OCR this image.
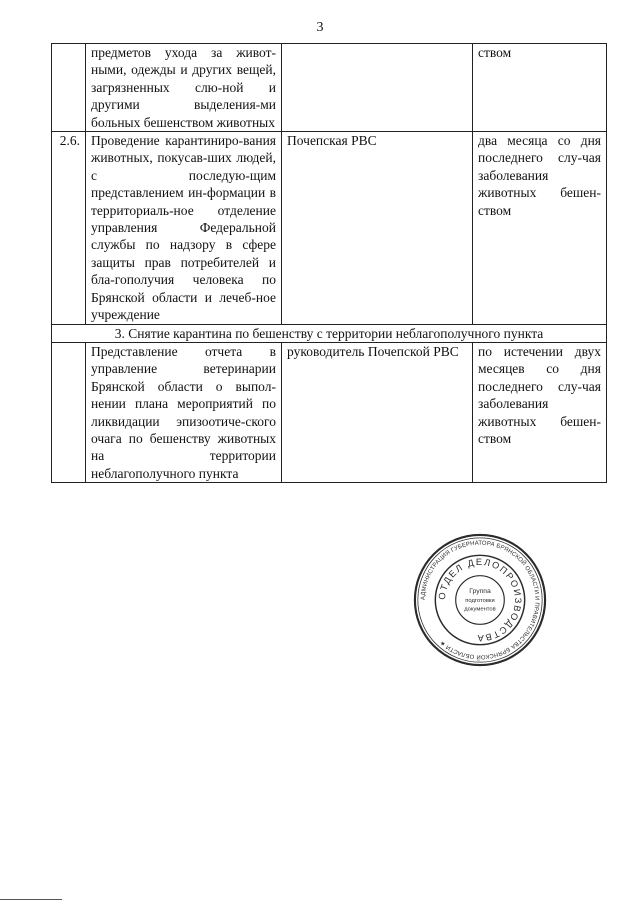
3
	предметов ухода за живот-ными, одежды и других вещей, загрязненных слю-ной и другими выделения-ми больных бешенством животных		ством
2.6.	Проведение карантиниро-вания животных, покусав-ших людей, с последую-щим представлением ин-формации в территориаль-ное отделение управления Федеральной службы по надзору в сфере защиты прав потребителей и бла-гополучия человека по Брянской области и лечеб-ное учреждение	Почепская РВС	два месяца со дня последнего слу-чая заболевания животных бешен-ством
3. Снятие карантина по бешенству с территории неблагополучного пункта			
	Представление отчета в управление ветеринарии Брянской области о выпол-нении плана мероприятий по ликвидации эпизоотиче-ского очага по бешенству животных на территории неблагополучного пункта	руководитель Почепской РВС	по истечении двух месяцев со дня последнего слу-чая заболевания животных бешен-ством
АДМИНИСТРАЦИЯ ГУБЕРНАТОРА БРЯНСКОЙ ОБЛАСТИ И ПРАВИТЕЛЬСТВА БРЯНСКОЙ ОБЛАСТИ ★
ОТДЕЛ ДЕЛОПРОИЗВОДСТВА
Группа
подготовки
документов
